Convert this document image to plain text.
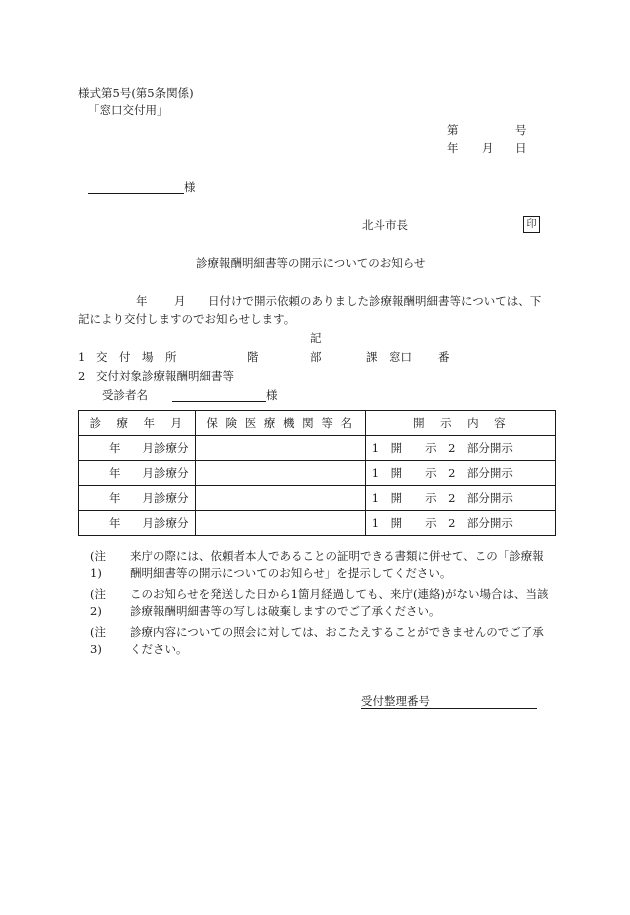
様式第5号(第5条関係)
「窓口交付用」
第	号
年 月 日
様
北斗市長	印
診療報酬明細書等の開示についてのお知らせ
年 月 日付けで開示依頼のありました診療報酬明細書等については、下
記により交付しますのでお知らせします。
記
1 交　付　場　所	階	部	課　窓口 番
2 交付対象診療報酬明細書等
受診者名	様
診　療　年　月	保 険 医 療 機 関 等 名	開　示　内　容
年 月診療分		1　開　　示　2　部分開示
年 月診療分		1　開　　示　2　部分開示
年 月診療分		1　開　　示　2　部分開示
年 月診療分		1　開　　示　2　部分開示
(注1)
来庁の際には、依頼者本人であることの証明できる書類に併せて、この「診療報酬明細書等の開示についてのお知らせ」を提示してください。
(注2)
このお知らせを発送した日から1箇月経過しても、来庁(連絡)がない場合は、当該診療報酬明細書等の写しは破棄しますのでご了承ください。
(注3)
診療内容についての照会に対しては、おこたえすることができませんのでご了承ください。
受付整理番号
